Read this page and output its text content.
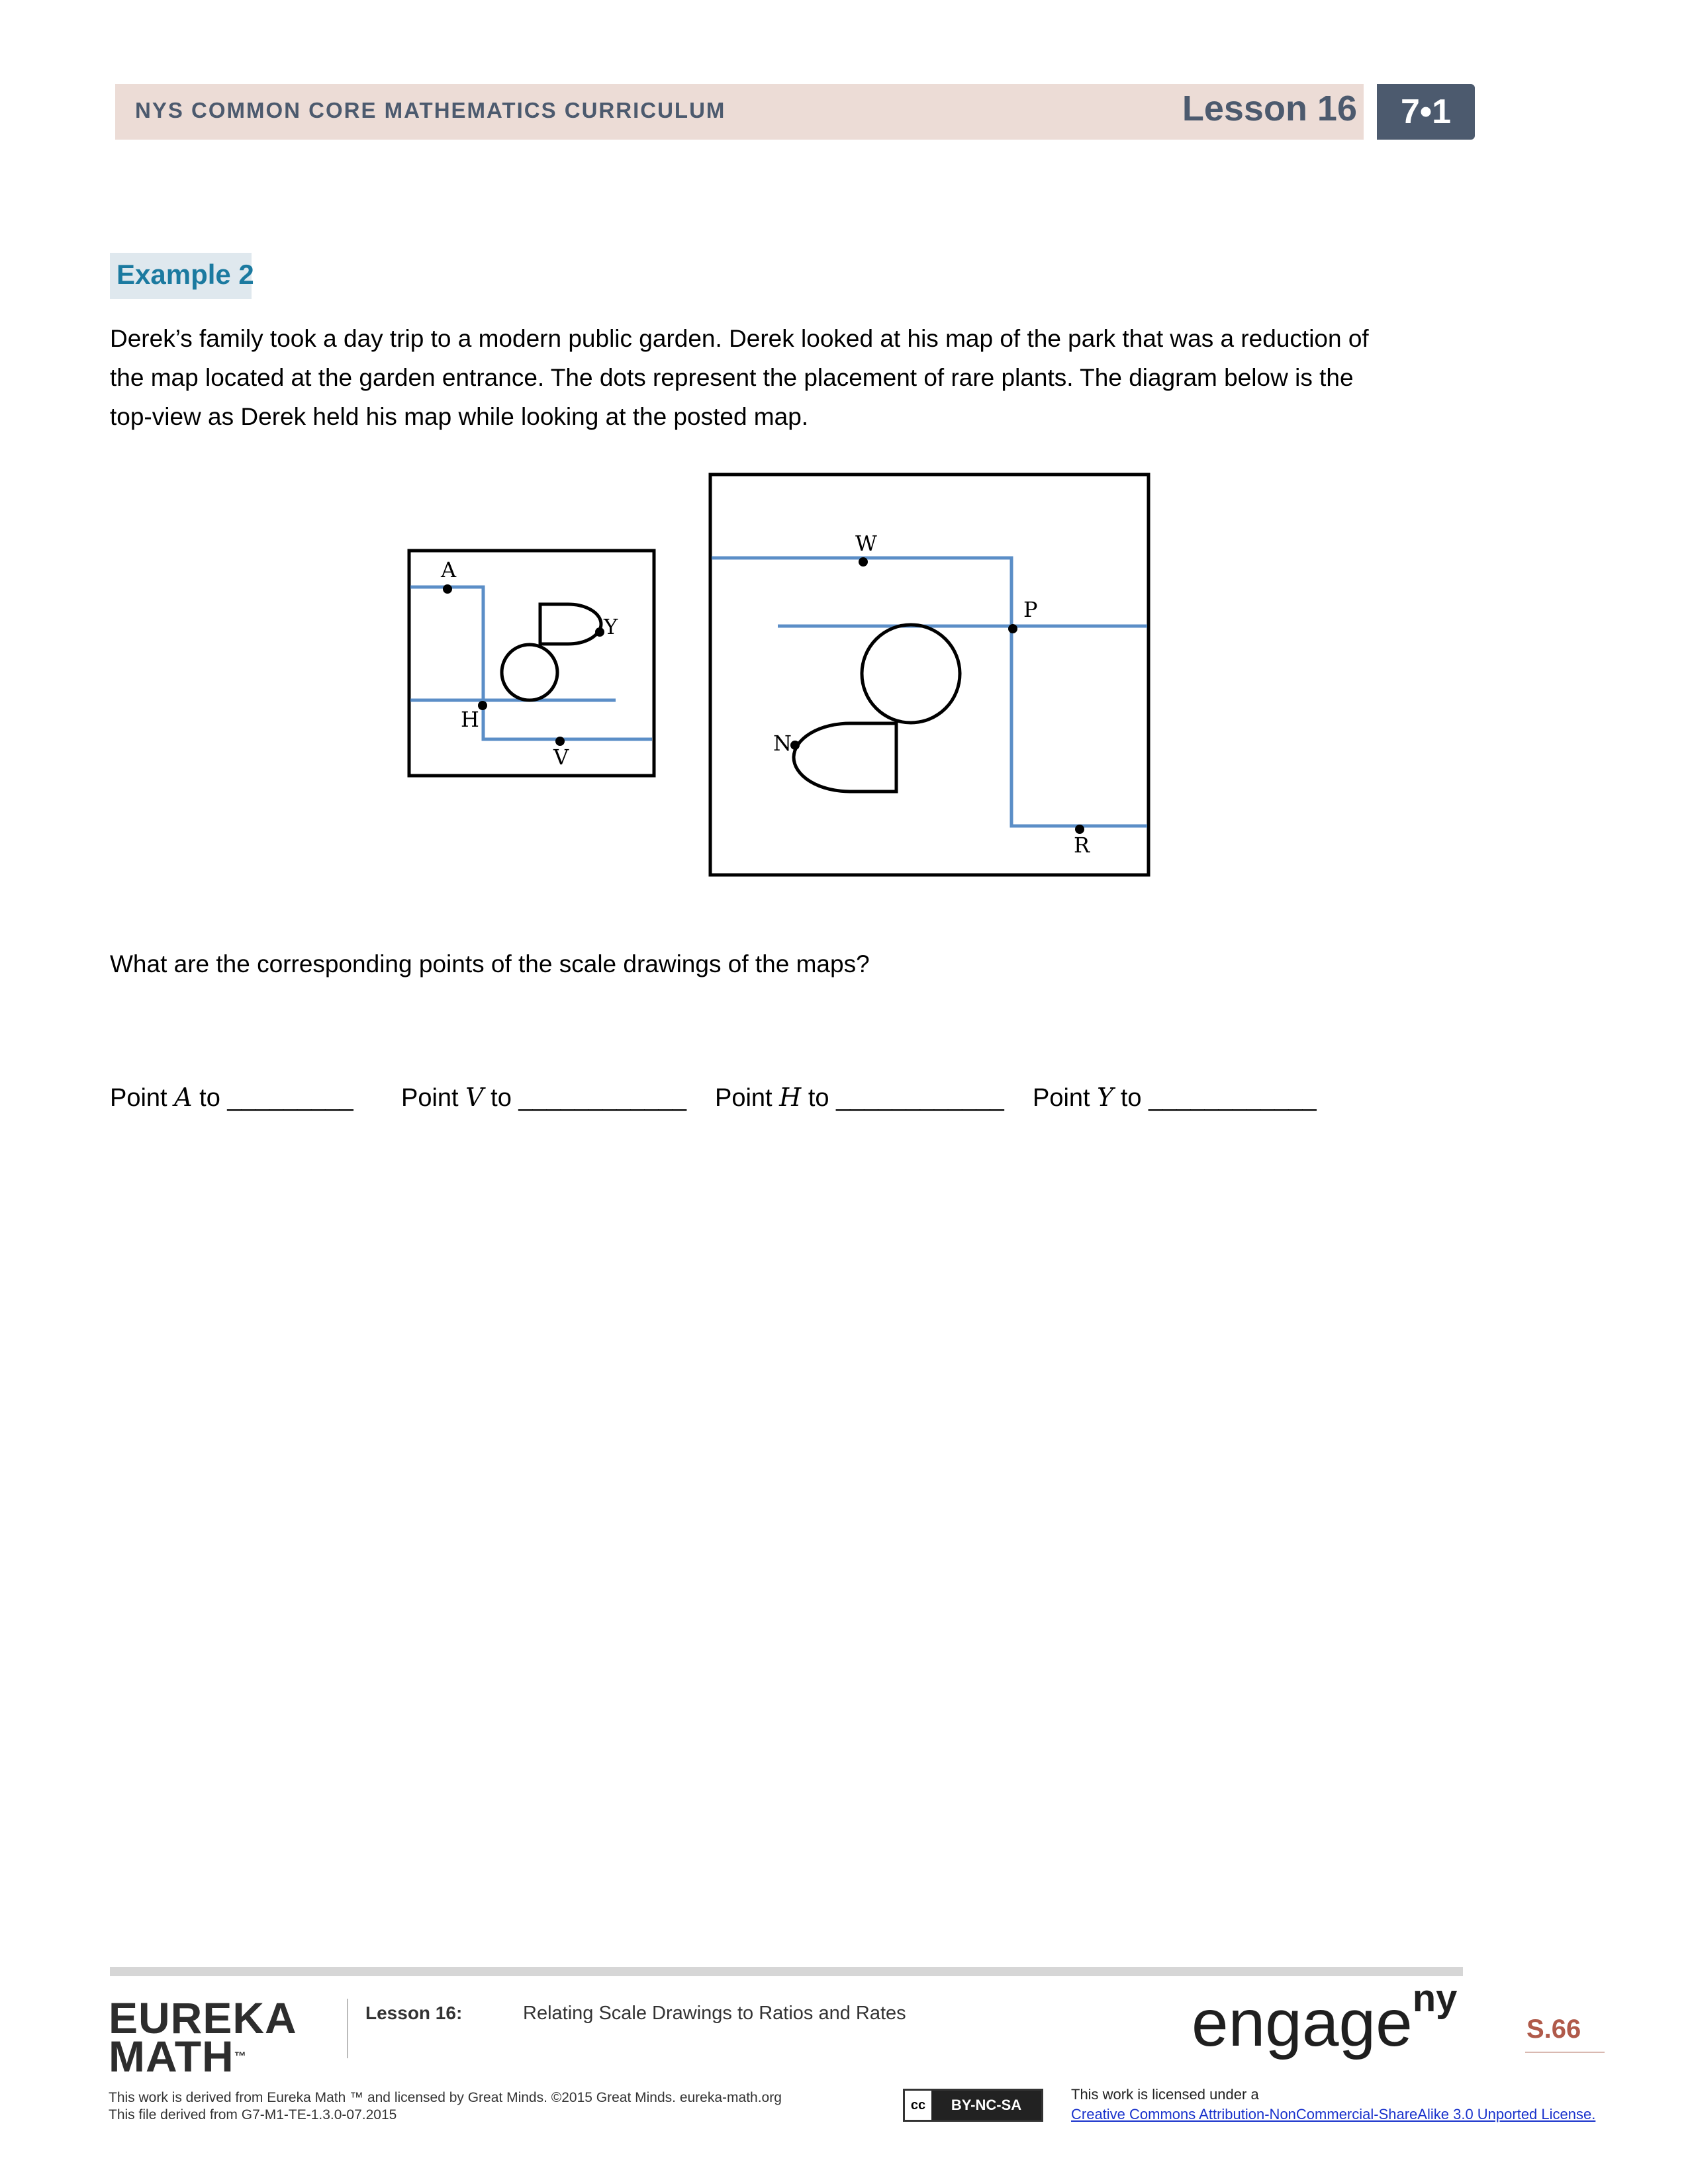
NYS COMMON CORE MATHEMATICS CURRICULUM	Lesson 16	7•1
Example 2
Derek’s family took a day trip to a modern public garden. Derek looked at his map of the park that was a reduction of
the map located at the garden entrance. The dots represent the placement of rare plants. The diagram below is the
top-view as Derek held his map while looking at the posted map.
A
Y
H
V
W
P
N
R
What are the corresponding points of the scale drawings of the maps?
Point A to _________ Point V to ____________ Point H to ____________ Point Y to ____________
EUREKA
MATH™
Lesson 16:	Relating Scale Drawings to Ratios and Rates	engage$^{ny}$
S.66
This work is derived from Eureka Math ™ and licensed by Great Minds. ©2015 Great Minds. eureka-math.org
This file derived from G7-M1-TE-1.3.0-07.2015
cc	BY-NC-SA
This work is licensed under a
Creative Commons Attribution-NonCommercial-ShareAlike 3.0 Unported License.
